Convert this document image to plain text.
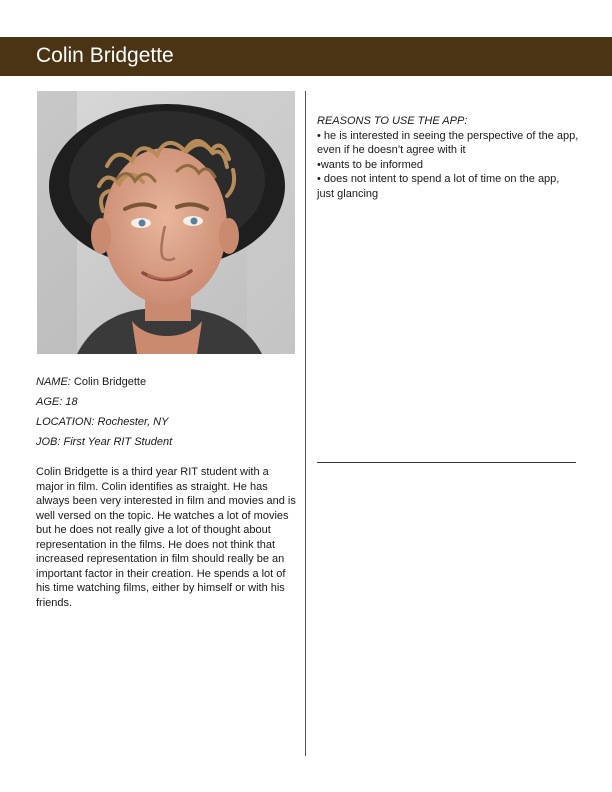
Colin Bridgette
NAME: Colin Bridgette
AGE: 18
LOCATION: Rochester, NY
JOB: First Year RIT Student
Colin Bridgette is a third year RIT student with a major in film. Colin identifies as straight. He has always been very interested in film and movies and is well versed on the topic. He watches a lot of movies but he does not really give a lot of thought about representation in the films. He does not think that increased representation in film should really be an important factor in their creation. He spends a lot of his time watching films, either by himself or with his friends.
REASONS TO USE THE APP:
• he is interested in seeing the perspective of the app, even if he doesn’t agree with it
•wants to be informed
• does not intent to spend a lot of time on the app, just glancing
